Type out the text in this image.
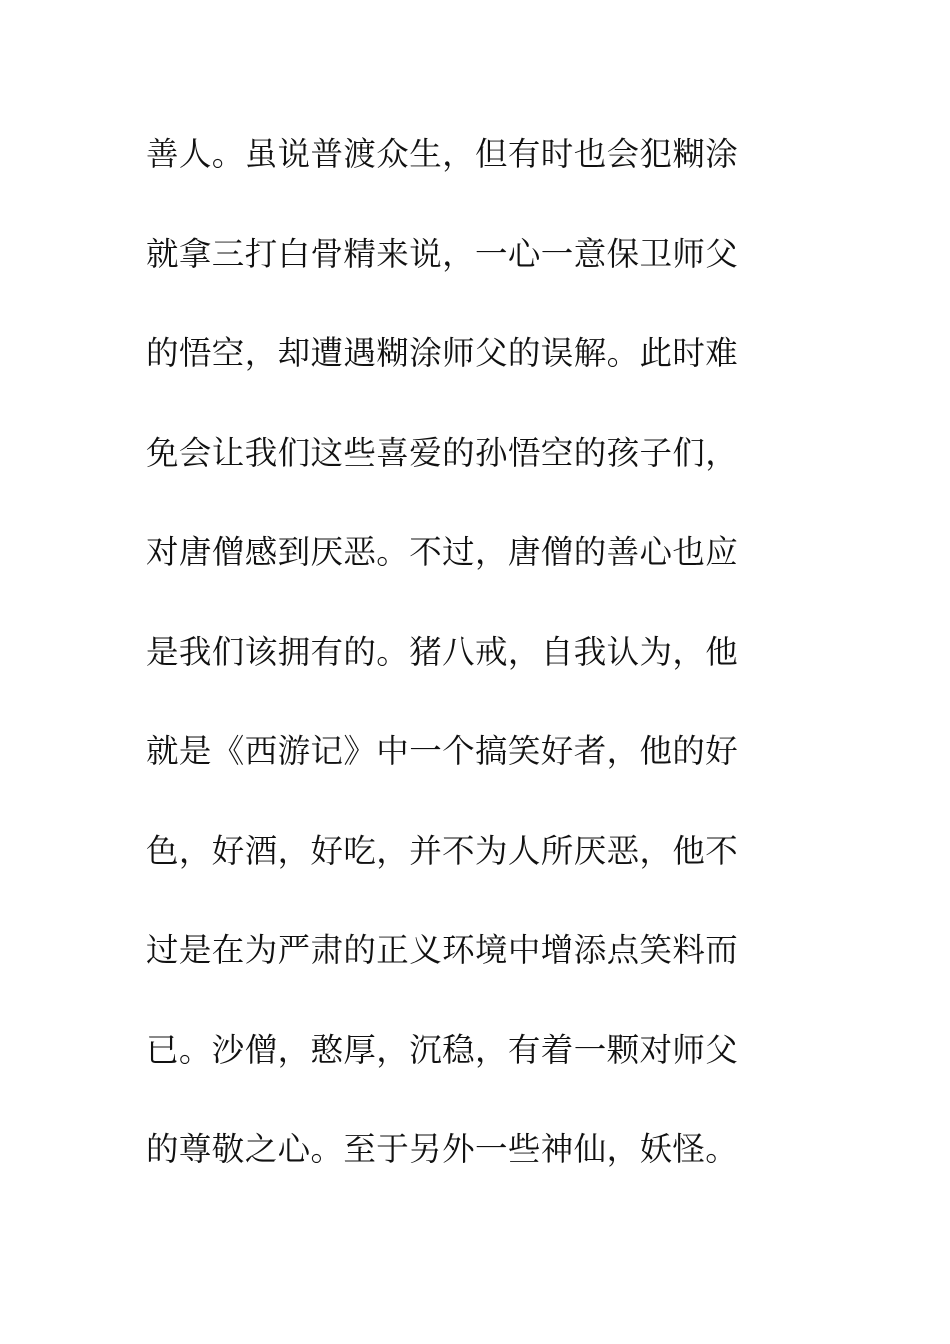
善人。虽说普渡众生，但有时也会犯糊涂
就拿三打白骨精来说，一心一意保卫师父
的悟空，却遭遇糊涂师父的误解。此时难
免会让我们这些喜爱的孙悟空的孩子们，
对唐僧感到厌恶。不过，唐僧的善心也应
是我们该拥有的。猪八戒，自我认为，他
就是《西游记》中一个搞笑好者，他的好
色，好酒，好吃，并不为人所厌恶，他不
过是在为严肃的正义环境中增添点笑料而
已。沙僧，憨厚，沉稳，有着一颗对师父
的尊敬之心。至于另外一些神仙，妖怪。
